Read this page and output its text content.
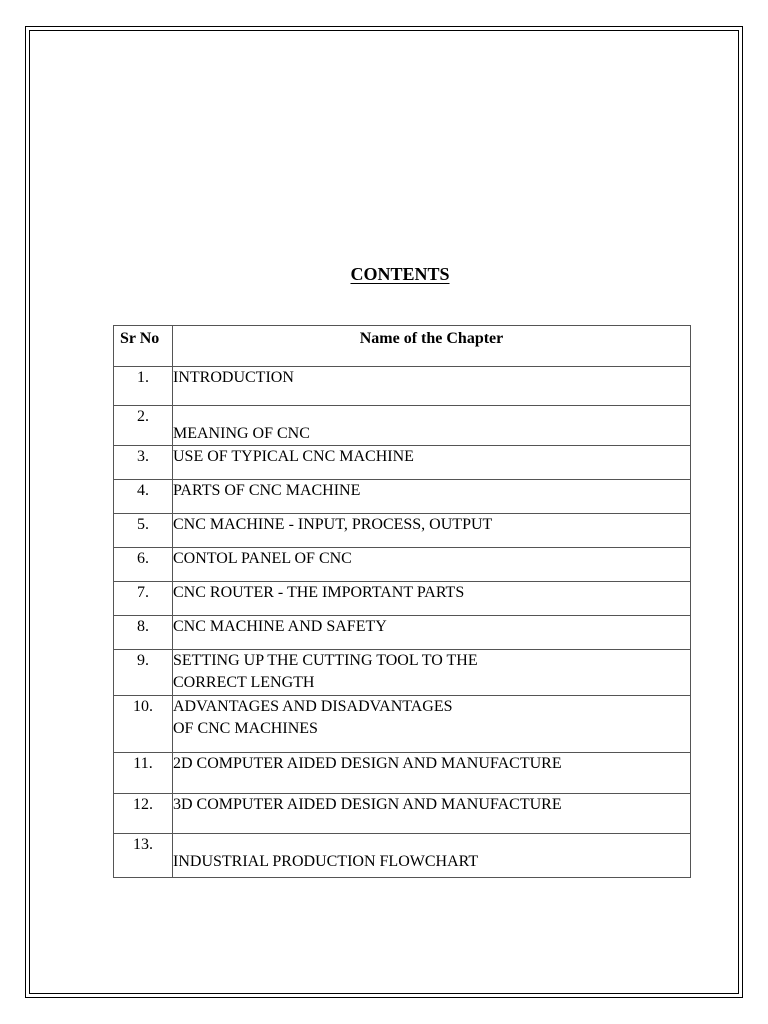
CONTENTS
Sr No	Name of the Chapter
1.	INTRODUCTION
2.	MEANING OF CNC
3.	USE OF TYPICAL CNC MACHINE
4.	PARTS OF CNC MACHINE
5.	CNC MACHINE - INPUT, PROCESS, OUTPUT
6.	CONTOL PANEL OF CNC
7.	CNC ROUTER - THE IMPORTANT PARTS
8.	CNC MACHINE AND SAFETY
9.	SETTING UP THE CUTTING TOOL TO THE
CORRECT LENGTH

10.	ADVANTAGES AND DISADVANTAGES
OF CNC MACHINES

11.	2D COMPUTER AIDED DESIGN AND MANUFACTURE
12.	3D COMPUTER AIDED DESIGN AND MANUFACTURE
13.	INDUSTRIAL PRODUCTION FLOWCHART
